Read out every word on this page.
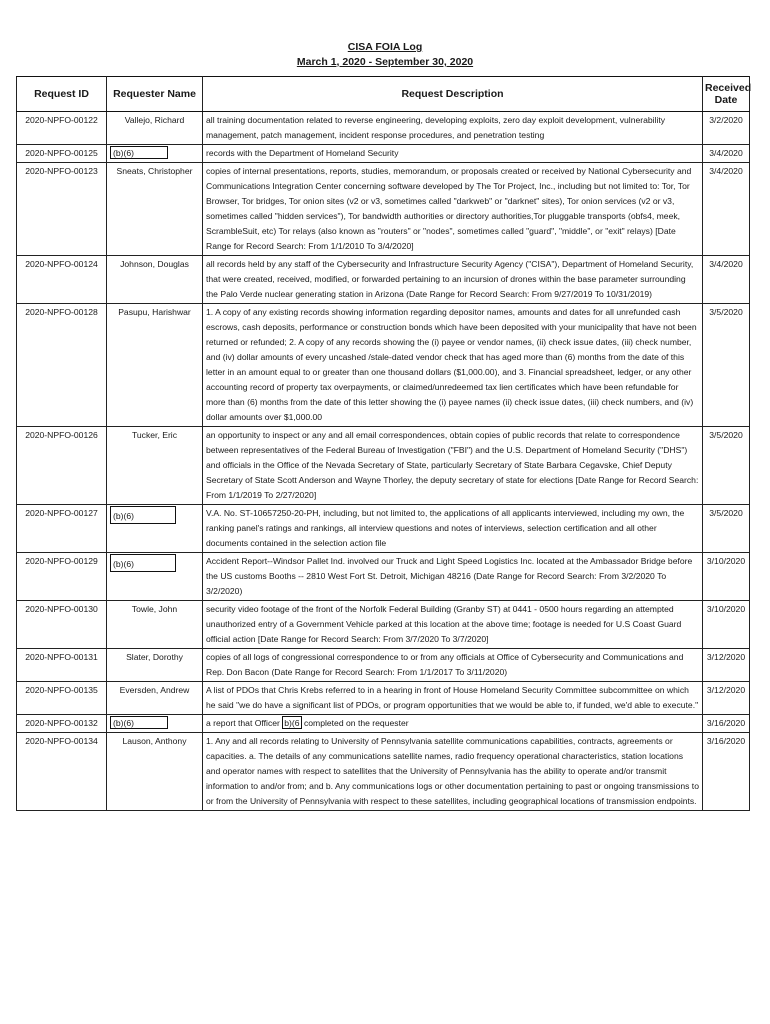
CISA FOIA Log
March 1, 2020 - September 30, 2020
Request ID	Requester Name	Request Description	Received Date
2020-NPFO-00122	Vallejo, Richard	all training documentation related to reverse engineering, developing exploits, zero day exploit development, vulnerability management, patch management, incident response procedures, and penetration testing	3/2/2020
2020-NPFO-00125	(b)(6)	records with the Department of Homeland Security	3/4/2020
2020-NPFO-00123	Sneats, Christopher	copies of internal presentations, reports, studies, memorandum, or proposals created or received by National Cybersecurity and Communications Integration Center concerning software developed by The Tor Project, Inc., including but not limited to: Tor, Tor Browser, Tor bridges, Tor onion sites (v2 or v3, sometimes called "darkweb" or "darknet" sites), Tor onion services (v2 or v3, sometimes called "hidden services"), Tor bandwidth authorities or directory authorities,Tor pluggable transports (obfs4, meek, ScrambleSuit, etc) Tor relays (also known as "routers" or "nodes", sometimes called "guard", "middle", or "exit" relays) [Date Range for Record Search: From 1/1/2010 To 3/4/2020]	3/4/2020
2020-NPFO-00124	Johnson, Douglas	all records held by any staff of the Cybersecurity and Infrastructure Security Agency ("CISA"), Department of Homeland Security, that were created, received, modified, or forwarded pertaining to an incursion of drones within the base parameter surrounding the Palo Verde nuclear generating station in Arizona (Date Range for Record Search: From 9/27/2019 To 10/31/2019)	3/4/2020
2020-NPFO-00128	Pasupu, Harishwar	1. A copy of any existing records showing information regarding depositor names, amounts and dates for all unrefunded cash escrows, cash deposits, performance or construction bonds which have been deposited with your municipality that have not been returned or refunded; 2. A copy of any records showing the (i) payee or vendor names, (ii) check issue dates, (iii) check number, and (iv) dollar amounts of every uncashed /stale-dated vendor check that has aged more than (6) months from the date of this letter in an amount equal to or greater than one thousand dollars ($1,000.00), and 3. Financial spreadsheet, ledger, or any other accounting record of property tax overpayments, or claimed/unredeemed tax lien certificates which have been refundable for more than (6) months from the date of this letter showing the (i) payee names (ii) check issue dates, (iii) check numbers, and (iv) dollar amounts over $1,000.00	3/5/2020
2020-NPFO-00126	Tucker, Eric	an opportunity to inspect or any and all email correspondences, obtain copies of public records that relate to correspondence between representatives of the Federal Bureau of Investigation ("FBI") and the U.S. Department of Homeland Security ("DHS") and officials in the Office of the Nevada Secretary of State, particularly Secretary of State Barbara Cegavske, Chief Deputy Secretary of State Scott Anderson and Wayne Thorley, the deputy secretary of state for elections [Date Range for Record Search: From 1/1/2019 To 2/27/2020]	3/5/2020
2020-NPFO-00127	(b)(6)	V.A. No. ST-10657250-20-PH, including, but not limited to, the applications of all applicants interviewed, including my own, the ranking panel's ratings and rankings, all interview questions and notes of interviews, selection certification and all other documents contained in the selection action file	3/5/2020
2020-NPFO-00129	(b)(6)	Accident Report--Windsor Pallet Ind. involved our Truck and Light Speed Logistics Inc. located at the Ambassador Bridge before the US customs Booths -- 2810 West Fort St. Detroit, Michigan 48216 (Date Range for Record Search: From 3/2/2020 To 3/2/2020)	3/10/2020
2020-NPFO-00130	Towle, John	security video footage of the front of the Norfolk Federal Building (Granby ST) at 0441 - 0500 hours regarding an attempted unauthorized entry of a Government Vehicle parked at this location at the above time; footage is needed for U.S Coast Guard official action [Date Range for Record Search: From 3/7/2020 To 3/7/2020]	3/10/2020
2020-NPFO-00131	Slater, Dorothy	copies of all logs of congressional correspondence to or from any officials at Office of Cybersecurity and Communications and Rep. Don Bacon (Date Range for Record Search: From 1/1/2017 To 3/11/2020)	3/12/2020
2020-NPFO-00135	Eversden, Andrew	A list of PDOs that Chris Krebs referred to in a hearing in front of House Homeland Security Committee subcommittee on which he said "we do have a significant list of PDOs, or program opportunities that we would be able to, if funded, we'd able to execute."	3/12/2020
2020-NPFO-00132	(b)(6)	a report that Officer b)(6 completed on the requester	3/16/2020
2020-NPFO-00134	Lauson, Anthony	1. Any and all records relating to University of Pennsylvania satellite communications capabilities, contracts, agreements or capacities. a. The details of any communications satellite names, radio frequency operational characteristics, station locations and operator names with respect to satellites that the University of Pennsylvania has the ability to operate and/or transmit information to and/or from; and b. Any communications logs or other documentation pertaining to past or ongoing transmissions to or from the University of Pennsylvania with respect to these satellites, including geographical locations of transmission endpoints.	3/16/2020
